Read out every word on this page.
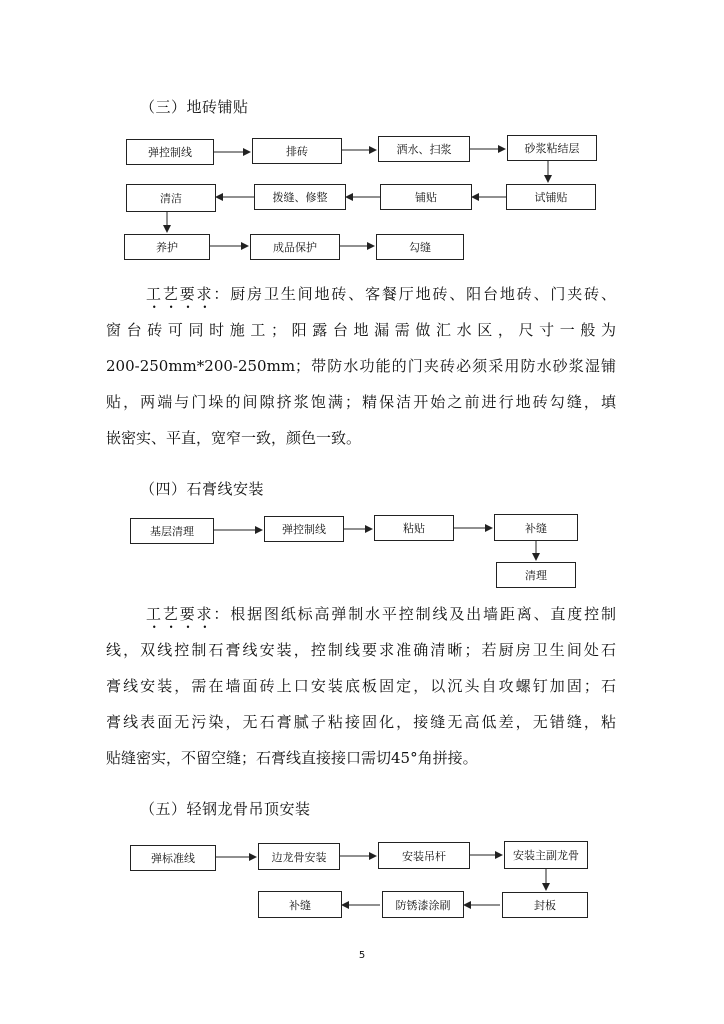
（三）地砖铺贴
弹控制线	排砖	洒水、扫浆	砂浆粘结层
试铺贴
铺贴
拨缝、修整
清洁
养护	成品保护	勾缝
工艺要求：厨房卫生间地砖、客餐厅地砖、阳台地砖、门夹砖、
窗台砖可同时施工；阳露台地漏需做汇水区，尺寸一般为
200-250mm*200-250mm；带防水功能的门夹砖必须采用防水砂浆湿铺
贴，两端与门垛的间隙挤浆饱满；精保洁开始之前进行地砖勾缝，填
嵌密实、平直，宽窄一致，颜色一致。
（四）石膏线安装
基层清理	弹控制线	粘贴	补缝
清理
工艺要求：根据图纸标高弹制水平控制线及出墙距离、直度控制
线，双线控制石膏线安装，控制线要求准确清晰；若厨房卫生间处石
膏线安装，需在墙面砖上口安装底板固定，以沉头自攻螺钉加固；石
膏线表面无污染，无石膏腻子粘接固化，接缝无高低差，无错缝，粘
贴缝密实，不留空缝；石膏线直接接口需切45°角拼接。
（五）轻钢龙骨吊顶安装
弹标准线	边龙骨安装	安装吊杆	安装主副龙骨
封板
防锈漆涂刷
补缝
5
